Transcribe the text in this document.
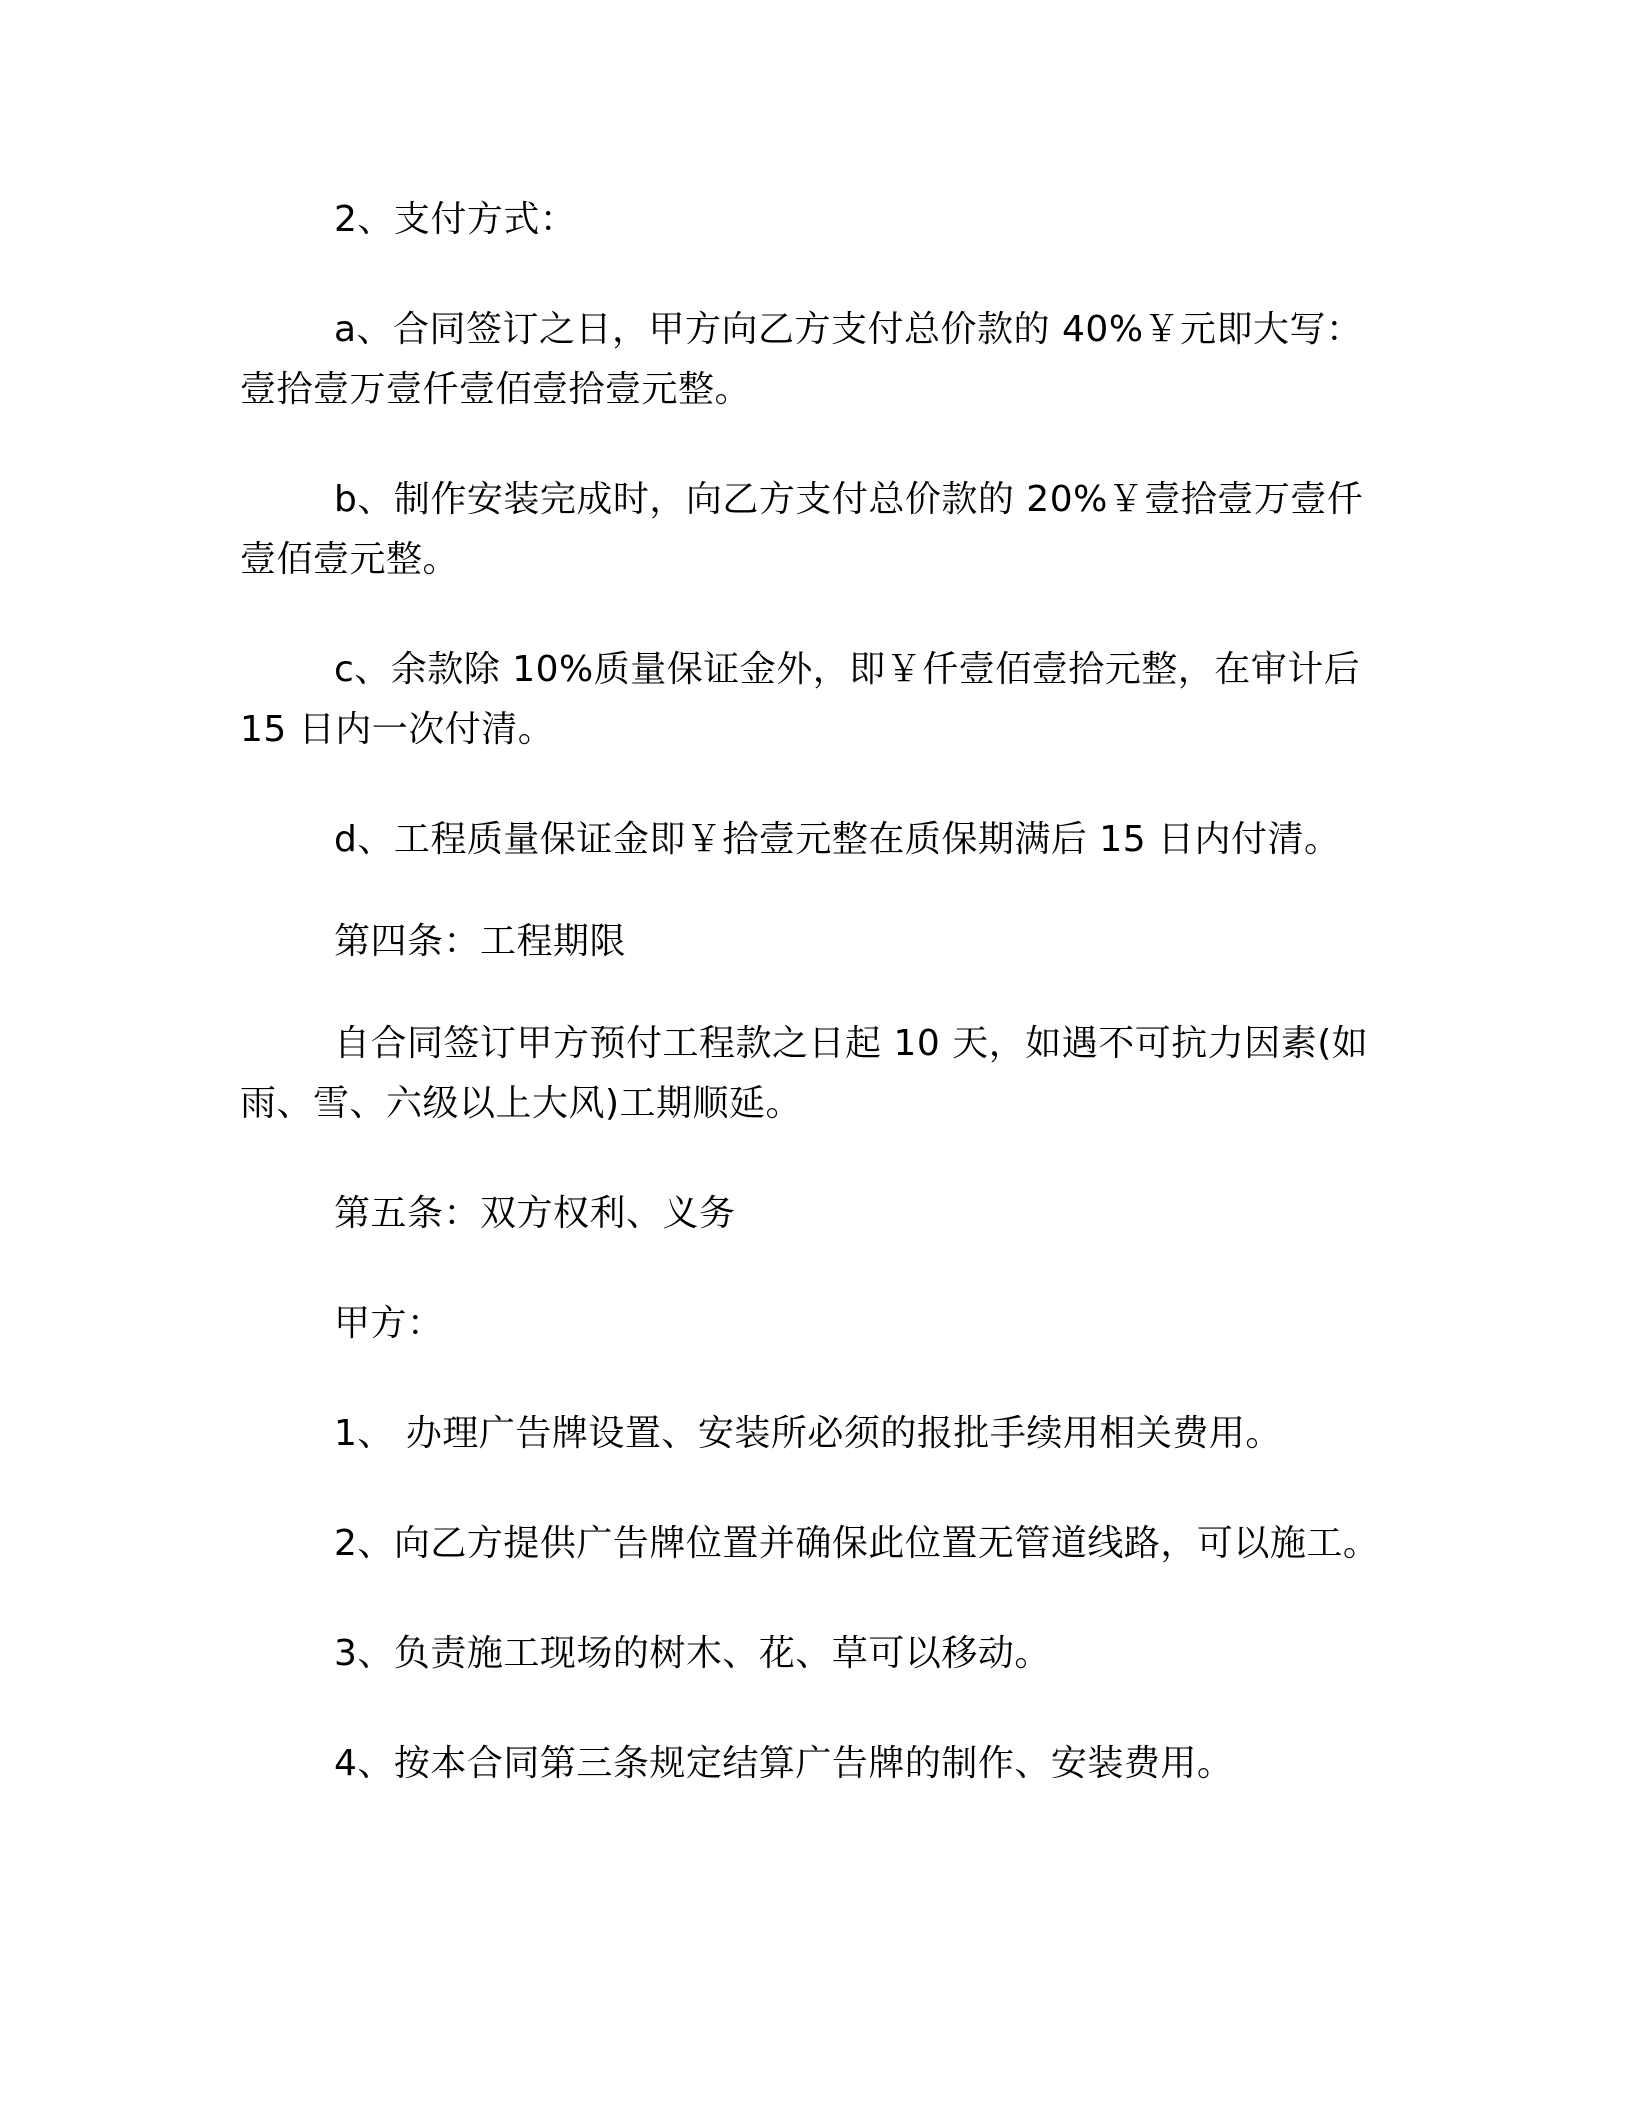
2、支付方式：

a、合同签订之日，甲方向乙方支付总价款的 40%￥元即大写：壹拾壹万壹仟壹佰壹拾壹元整。

b、制作安装完成时，向乙方支付总价款的 20%￥壹拾壹万壹仟壹佰壹元整。

c、余款除 10%质量保证金外，即￥仟壹佰壹拾元整，在审计后 15 日内一次付清。

d、工程质量保证金即￥拾壹元整在质保期满后 15 日内付清。

第四条：工程期限

自合同签订甲方预付工程款之日起 10 天，如遇不可抗力因素(如雨、雪、六级以上大风)工期顺延。

第五条：双方权利、义务

甲方：

1、 办理广告牌设置、安装所必须的报批手续用相关费用。

2、向乙方提供广告牌位置并确保此位置无管道线路，可以施工。

3、负责施工现场的树木、花、草可以移动。

4、按本合同第三条规定结算广告牌的制作、安装费用。
